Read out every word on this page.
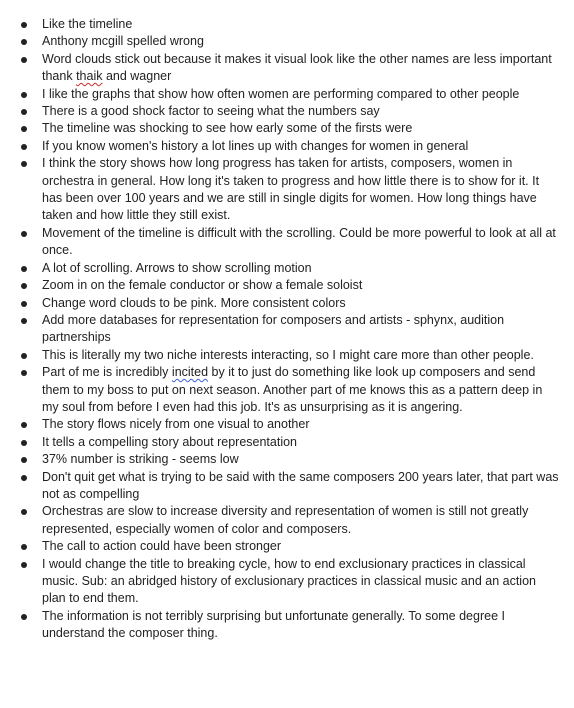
Like the timeline
Anthony mcgill spelled wrong
Word clouds stick out because it makes it visual look like the other names are less important thank thaik and wagner
I like the graphs that show how often women are performing compared to other people
There is a good shock factor to seeing what the numbers say
The timeline was shocking to see how early some of the firsts were
If you know women's history a lot lines up with changes for women in general
I think the story shows how long progress has taken for artists, composers, women in orchestra in general. How long it's taken to progress and how little there is to show for it. It has been over 100 years and we are still in single digits for women. How long things have taken and how little they still exist.
Movement of the timeline is difficult with the scrolling. Could be more powerful to look at all at once.
A lot of scrolling. Arrows to show scrolling motion
Zoom in on the female conductor or show a female soloist
Change word clouds to be pink. More consistent colors
Add more databases for representation for composers and artists - sphynx, audition partnerships
This is literally my two niche interests interacting, so I might care more than other people.
Part of me is incredibly incited by it to just do something like look up composers and send them to my boss to put on next season. Another part of me knows this as a pattern deep in my soul from before I even had this job. It's as unsurprising as it is angering.
The story flows nicely from one visual to another
It tells a compelling story about representation
37% number is striking - seems low
Don't quit get what is trying to be said with the same composers 200 years later, that part was not as compelling
Orchestras are slow to increase diversity and representation of women is still not greatly represented, especially women of color and composers.
The call to action could have been stronger
I would change the title to breaking cycle, how to end exclusionary practices in classical music. Sub: an abridged history of exclusionary practices in classical music and an action plan to end them.
The information is not terribly surprising but unfortunate generally. To some degree I understand the composer thing.
